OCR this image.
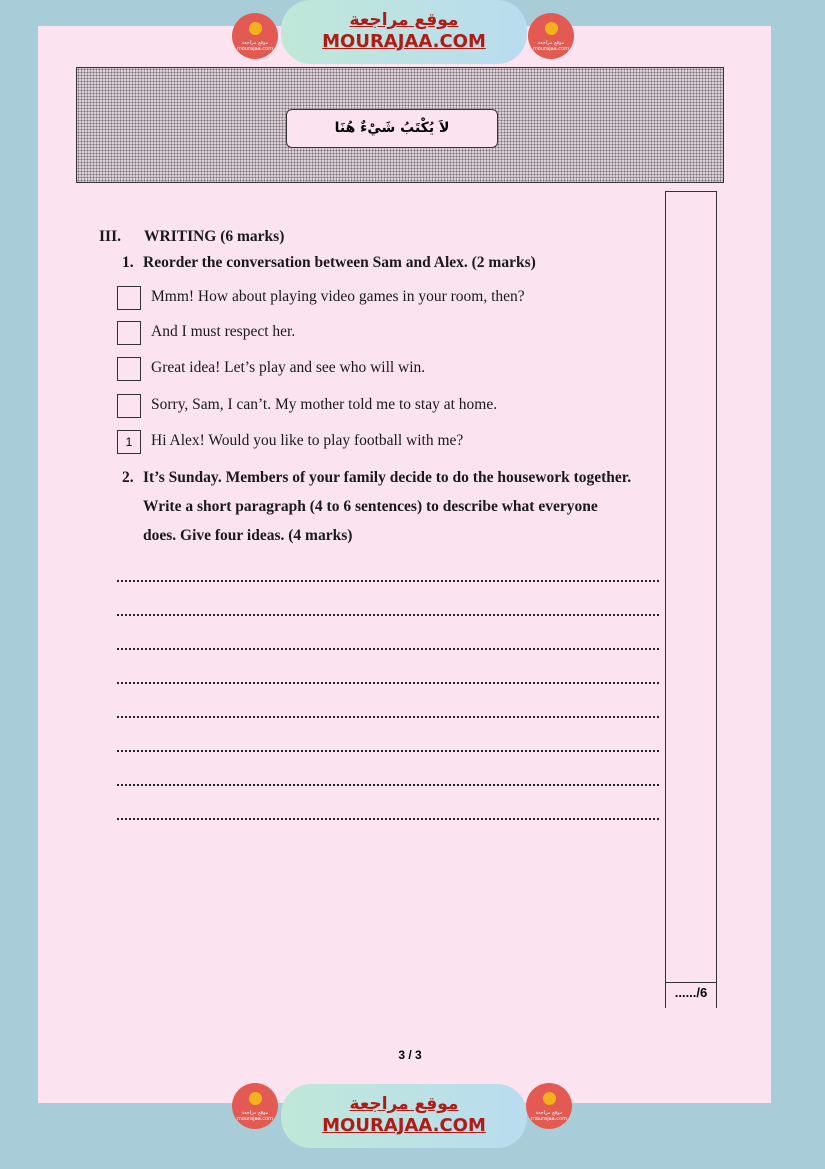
موقع مراجعة mourajaa.com
موقع مراجعة
MOURAJAA.COM	موقع مراجعة mourajaa.com
لاَ يُكْتَبُ شَيْءٌ هُنَا
....../6
III. WRITING (6 marks)
1. Reorder the conversation between Sam and Alex. (2 marks)
Mmm! How about playing video games in your room, then?
And I must respect her.
Great idea! Let’s play and see who will win.
Sorry, Sam, I can’t. My mother told me to stay at home.
1	Hi Alex! Would you like to play football with me?
2. It’s Sunday. Members of your family decide to do the housework together.
Write a short paragraph (4 to 6 sentences) to describe what everyone
does. Give four ideas. (4 marks)
3 / 3
موقع مراجعة mourajaa.com
موقع مراجعة
MOURAJAA.COM
موقع مراجعة mourajaa.com
